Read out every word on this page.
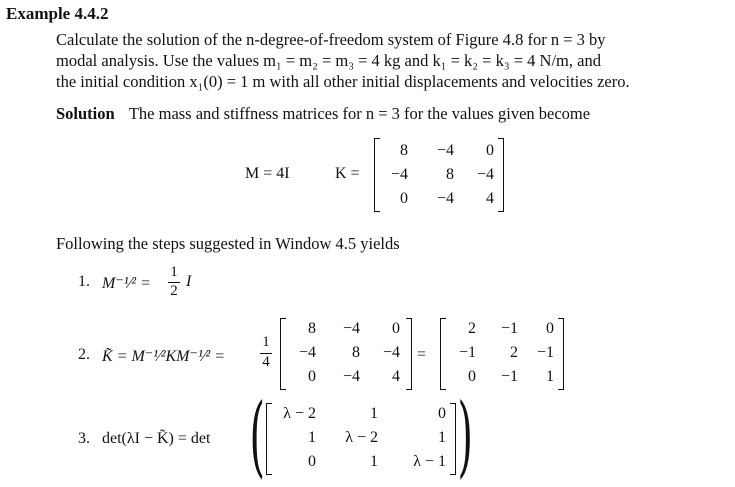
Example 4.4.2
Calculate the solution of the n-degree-of-freedom system of Figure 4.8 for n = 3 by
modal analysis. Use the values m₁ = m₂ = m₃ = 4 kg and k₁ = k₂ = k₃ = 4 N/m, and
the initial condition x₁(0) = 1 m with all other initial displacements and velocities zero.
Solution The mass and stiffness matrices for n = 3 for the values given become
M = 4I	K =
8 −4 0
−4 8 −4
0 −4 4
Following the steps suggested in Window 4.5 yields
1. M⁻¹⁄² =
1
2
I
2. K̃ = M⁻¹⁄²KM⁻¹⁄² =
1
4
8 −4 0
−4 8 −4
0 −4 4
=
2 −1 0
−1 2 −1
0 −1 1
3. det(λI − K̃) = det ( λ − 2	1	0
1 λ − 2	1
0	1 λ − 1 )
